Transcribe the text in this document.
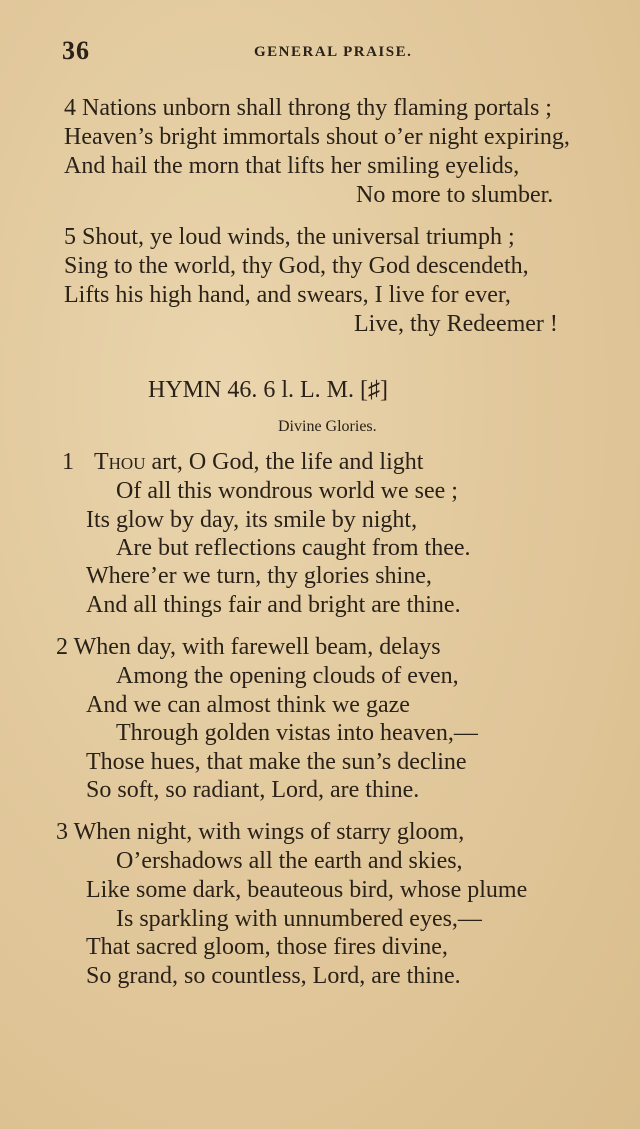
36	GENERAL PRAISE.
4 Nations unborn shall throng thy flaming portals ;
Heaven’s bright immortals shout o’er night expiring,
And hail the morn that lifts her smiling eyelids,
No more to slumber.
5 Shout, ye loud winds, the universal triumph ;
Sing to the world, thy God, thy God descendeth,
Lifts his high hand, and swears, I live for ever,
Live, thy Redeemer !
HYMN 46. 6 l. L. M. [♯]
Divine Glories.
1 Thou art, O God, the life and light
Of all this wondrous world we see ;
Its glow by day, its smile by night,
Are but reflections caught from thee.
Where’er we turn, thy glories shine,
And all things fair and bright are thine.
2 When day, with farewell beam, delays
Among the opening clouds of even,
And we can almost think we gaze
Through golden vistas into heaven,—
Those hues, that make the sun’s decline
So soft, so radiant, Lord, are thine.
3 When night, with wings of starry gloom,
O’ershadows all the earth and skies,
Like some dark, beauteous bird, whose plume
Is sparkling with unnumbered eyes,—
That sacred gloom, those fires divine,
So grand, so countless, Lord, are thine.
